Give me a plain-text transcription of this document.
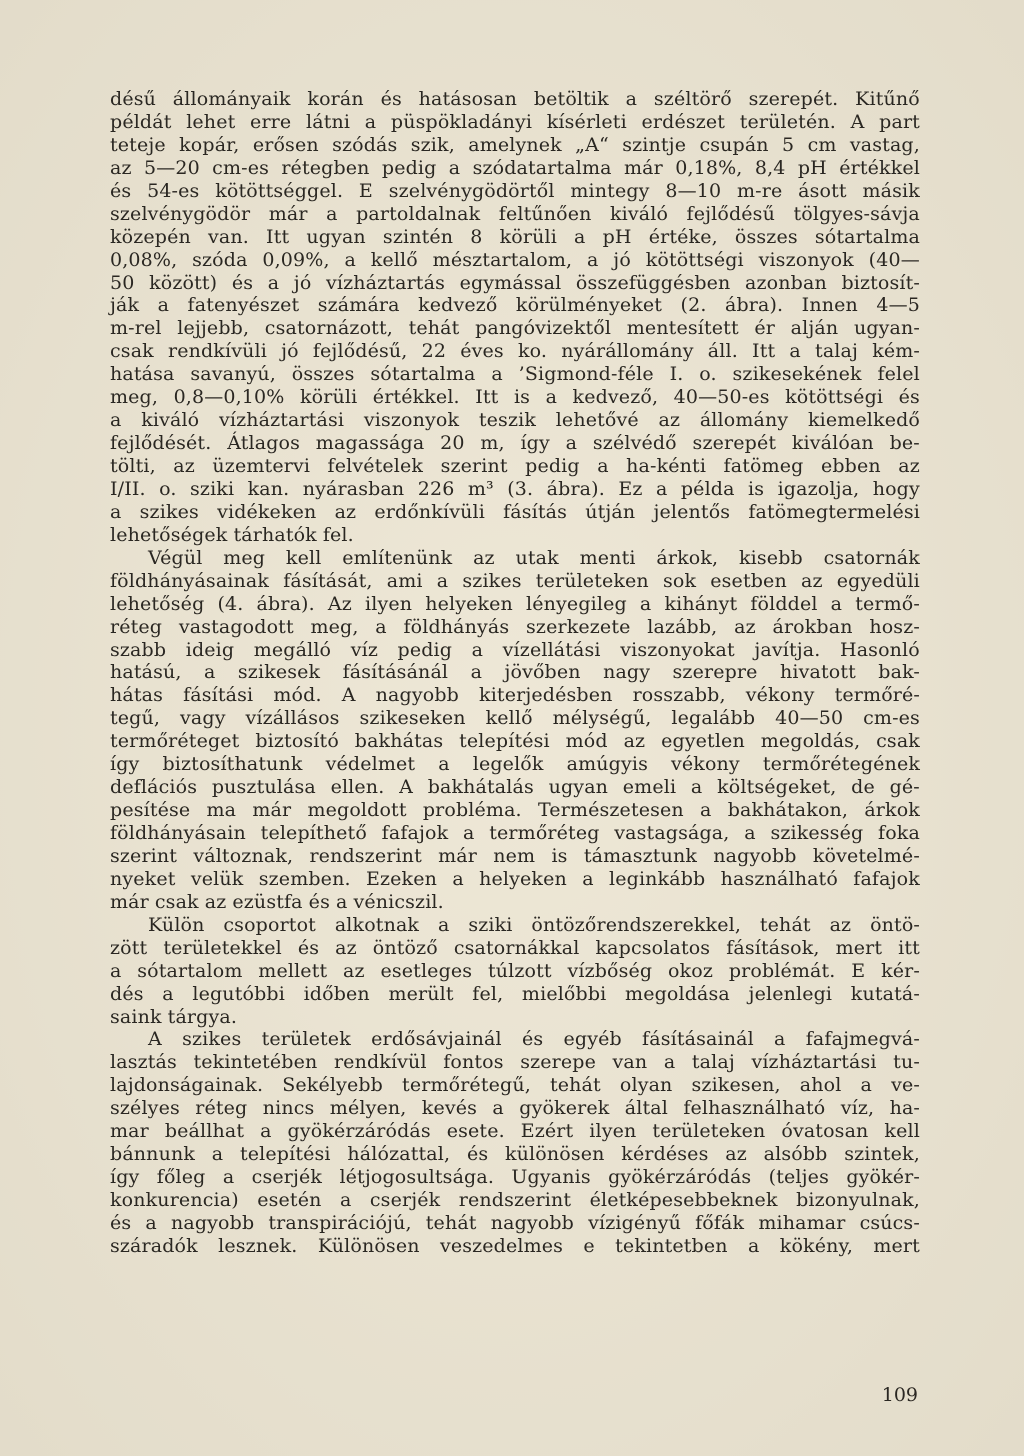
désű állományaik korán és hatásosan betöltik a széltörő szerepét. Kitűnő
példát lehet erre látni a püspökladányi kísérleti erdészet területén. A part
teteje kopár, erősen szódás szik, amelynek „A“ szintje csupán 5 cm vastag,
az 5—20 cm-es rétegben pedig a szódatartalma már 0,18%, 8,4 pH értékkel
és 54-es kötöttséggel. E szelvénygödörtől mintegy 8—10 m-re ásott másik
szelvénygödör már a partoldalnak feltűnően kiváló fejlődésű tölgyes-sávja
közepén van. Itt ugyan szintén 8 körüli a pH értéke, összes sótartalma
0,08%, szóda 0,09%, a kellő mésztartalom, a jó kötöttségi viszonyok (40—
50 között) és a jó vízháztartás egymással összefüggésben azonban biztosít-
ják a fatenyészet számára kedvező körülményeket (2. ábra). Innen 4—5
m-rel lejjebb, csatornázott, tehát pangóvizektől mentesített ér alján ugyan-
csak rendkívüli jó fejlődésű, 22 éves ko. nyárállomány áll. Itt a talaj kém-
hatása savanyú, összes sótartalma a ’Sigmond-féle I. o. szikesekének felel
meg, 0,8—0,10% körüli értékkel. Itt is a kedvező, 40—50-es kötöttségi és
a kiváló vízháztartási viszonyok teszik lehetővé az állomány kiemelkedő
fejlődését. Átlagos magassága 20 m, így a szélvédő szerepét kiválóan be-
tölti, az üzemtervi felvételek szerint pedig a ha-kénti fatömeg ebben az
I/II. o. sziki kan. nyárasban 226 m³ (3. ábra). Ez a példa is igazolja, hogy
a szikes vidékeken az erdőnkívüli fásítás útján jelentős fatömegtermelési
lehetőségek tárhatók fel.
Végül meg kell említenünk az utak menti árkok, kisebb csatornák
földhányásainak fásítását, ami a szikes területeken sok esetben az egyedüli
lehetőség (4. ábra). Az ilyen helyeken lényegileg a kihányt földdel a termő-
réteg vastagodott meg, a földhányás szerkezete lazább, az árokban hosz-
szabb ideig megálló víz pedig a vízellátási viszonyokat javítja. Hasonló
hatású, a szikesek fásításánál a jövőben nagy szerepre hivatott bak-
hátas fásítási mód. A nagyobb kiterjedésben rosszabb, vékony termőré-
tegű, vagy vízállásos szikeseken kellő mélységű, legalább 40—50 cm-es
termőréteget biztosító bakhátas telepítési mód az egyetlen megoldás, csak
így biztosíthatunk védelmet a legelők amúgyis vékony termőrétegének
deflációs pusztulása ellen. A bakhátalás ugyan emeli a költségeket, de gé-
pesítése ma már megoldott probléma. Természetesen a bakhátakon, árkok
földhányásain telepíthető fafajok a termőréteg vastagsága, a szikesség foka
szerint változnak, rendszerint már nem is támasztunk nagyobb követelmé-
nyeket velük szemben. Ezeken a helyeken a leginkább használható fafajok
már csak az ezüstfa és a vénicszil.
Külön csoportot alkotnak a sziki öntözőrendszerekkel, tehát az öntö-
zött területekkel és az öntöző csatornákkal kapcsolatos fásítások, mert itt
a sótartalom mellett az esetleges túlzott vízbőség okoz problémát. E kér-
dés a legutóbbi időben merült fel, mielőbbi megoldása jelenlegi kutatá-
saink tárgya.
A szikes területek erdősávjainál és egyéb fásításainál a fafajmegvá-
lasztás tekintetében rendkívül fontos szerepe van a talaj vízháztartási tu-
lajdonságainak. Sekélyebb termőrétegű, tehát olyan szikesen, ahol a ve-
szélyes réteg nincs mélyen, kevés a gyökerek által felhasználható víz, ha-
mar beállhat a gyökérzáródás esete. Ezért ilyen területeken óvatosan kell
bánnunk a telepítési hálózattal, és különösen kérdéses az alsóbb szintek,
így főleg a cserjék létjogosultsága. Ugyanis gyökérzáródás (teljes gyökér-
konkurencia) esetén a cserjék rendszerint életképesebbeknek bizonyulnak,
és a nagyobb transpirációjú, tehát nagyobb vízigényű főfák mihamar csúcs-
száradók lesznek. Különösen veszedelmes e tekintetben a kökény, mert
109
